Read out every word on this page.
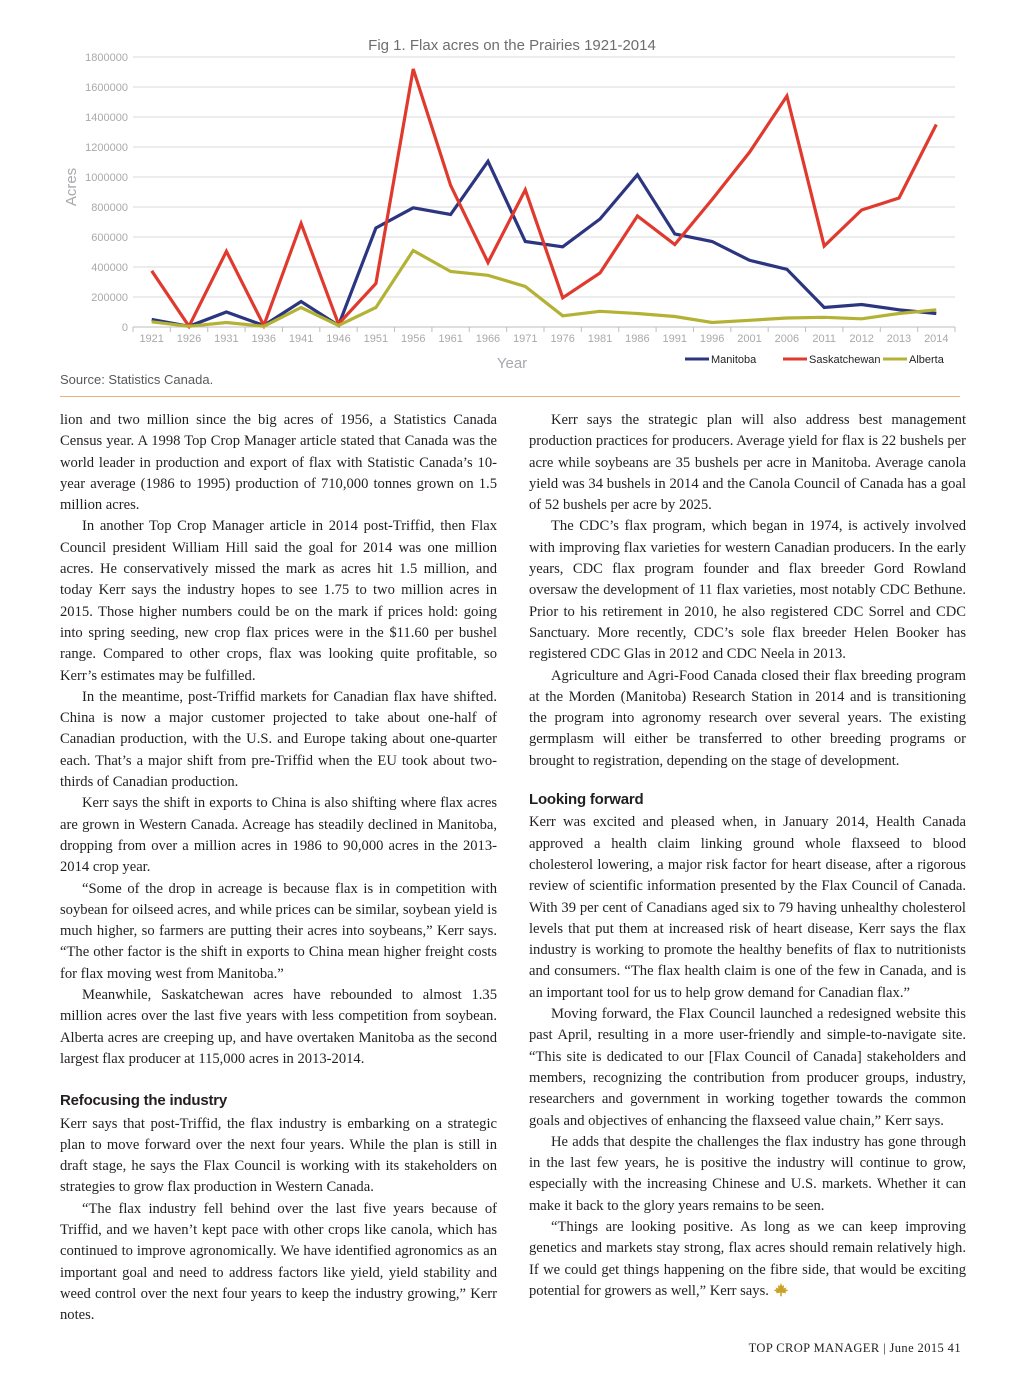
Fig 1. Flax acres on the Prairies 1921-2014
0
200000
400000
600000
800000
1000000
1200000
1400000
1600000
1800000
1921 1926 1931 1936 1941 1946 1951 1956 1961 1966 1971 1976 1981 1986 1991 1996 2001 2006 2011 2012 2013 2014
Acres
Year	Manitoba	Saskatchewan	Alberta
Source: Statistics Canada.

lion and two million since the big acres of 1956, a Statistics Canada Census year. A 1998 Top Crop Manager article stated that Canada was the world leader in production and export of flax with Statistic Canada’s 10-year average (1986 to 1995) production of 710,000 tonnes grown on 1.5 million acres.

In another Top Crop Manager article in 2014 post-Triffid, then Flax Council president William Hill said the goal for 2014 was one million acres. He conservatively missed the mark as acres hit 1.5 million, and today Kerr says the industry hopes to see 1.75 to two million acres in 2015. Those higher numbers could be on the mark if prices hold: going into spring seeding, new crop flax prices were in the $11.60 per bushel range. Compared to other crops, flax was looking quite profitable, so Kerr’s estimates may be fulfilled.

In the meantime, post-Triffid markets for Canadian flax have shifted. China is now a major customer projected to take about one-half of Canadian production, with the U.S. and Europe taking about one-quarter each. That’s a major shift from pre-Triffid when the EU took about two-thirds of Canadian production.

Kerr says the shift in exports to China is also shifting where flax acres are grown in Western Canada. Acreage has steadily declined in Manitoba, dropping from over a million acres in 1986 to 90,000 acres in the 2013-2014 crop year.

“Some of the drop in acreage is because flax is in competition with soybean for oilseed acres, and while prices can be similar, soybean yield is much higher, so farmers are putting their acres into soybeans,” Kerr says. “The other factor is the shift in exports to China mean higher freight costs for flax moving west from Manitoba.”

Meanwhile, Saskatchewan acres have rebounded to almost 1.35 million acres over the last five years with less competition from soybean. Alberta acres are creeping up, and have overtaken Manitoba as the second largest flax producer at 115,000 acres in 2013-2014.

Refocusing the industry

Kerr says that post-Triffid, the flax industry is embarking on a strategic plan to move forward over the next four years. While the plan is still in draft stage, he says the Flax Council is working with its stakeholders on strategies to grow flax production in Western Canada.

“The flax industry fell behind over the last five years because of Triffid, and we haven’t kept pace with other crops like canola, which has continued to improve agronomically. We have identified agronomics as an important goal and need to address factors like yield, yield stability and weed control over the next four years to keep the industry growing,” Kerr notes.

Kerr says the strategic plan will also address best management production practices for producers. Average yield for flax is 22 bushels per acre while soybeans are 35 bushels per acre in Manitoba. Average canola yield was 34 bushels in 2014 and the Canola Council of Canada has a goal of 52 bushels per acre by 2025.

The CDC’s flax program, which began in 1974, is actively involved with improving flax varieties for western Canadian producers. In the early years, CDC flax program founder and flax breeder Gord Rowland oversaw the development of 11 flax varieties, most notably CDC Bethune. Prior to his retirement in 2010, he also registered CDC Sorrel and CDC Sanctuary. More recently, CDC’s sole flax breeder Helen Booker has registered CDC Glas in 2012 and CDC Neela in 2013.

Agriculture and Agri-Food Canada closed their flax breeding program at the Morden (Manitoba) Research Station in 2014 and is transitioning the program into agronomy research over several years. The existing germplasm will either be transferred to other breeding programs or brought to registration, depending on the stage of development.

Looking forward

Kerr was excited and pleased when, in January 2014, Health Canada approved a health claim linking ground whole flaxseed to blood cholesterol lowering, a major risk factor for heart disease, after a rigorous review of scientific information presented by the Flax Council of Canada. With 39 per cent of Canadians aged six to 79 having unhealthy cholesterol levels that put them at increased risk of heart disease, Kerr says the flax industry is working to promote the healthy benefits of flax to nutritionists and consumers. “The flax health claim is one of the few in Canada, and is an important tool for us to help grow demand for Canadian flax.”

Moving forward, the Flax Council launched a redesigned website this past April, resulting in a more user-friendly and simple-to-navigate site. “This site is dedicated to our [Flax Council of Canada] stakeholders and members, recognizing the contribution from producer groups, industry, researchers and government in working together towards the common goals and objectives of enhancing the flaxseed value chain,” Kerr says.

He adds that despite the challenges the flax industry has gone through in the last few years, he is positive the industry will continue to grow, especially with the increasing Chinese and U.S. markets. Whether it can make it back to the glory years remains to be seen.

“Things are looking positive. As long as we can keep improving genetics and markets stay strong, flax acres should remain relatively high. If we could get things happening on the fibre side, that would be exciting potential for growers as well,” Kerr says.

TOP CROP MANAGER | June 2015 41
